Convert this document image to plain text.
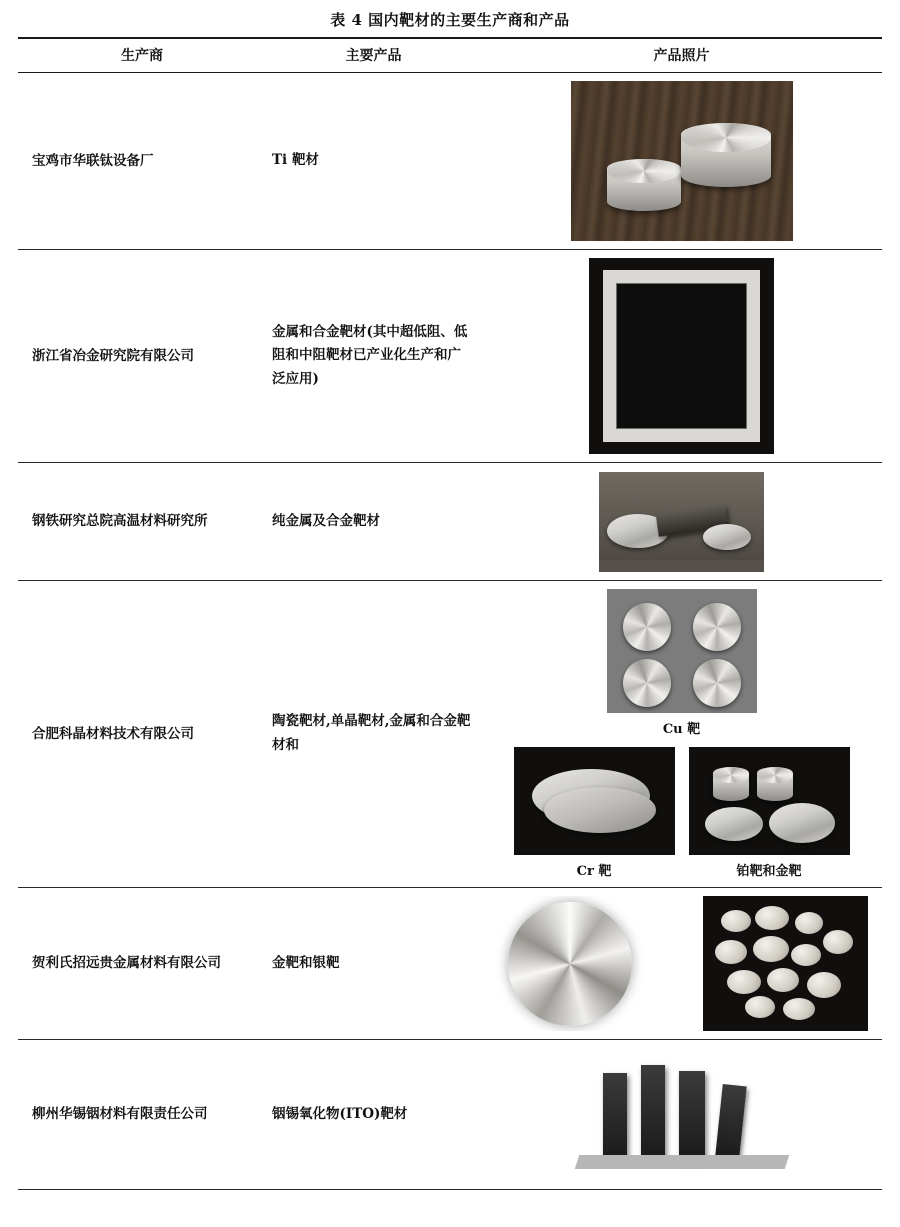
表 4 国内靶材的主要生产商和产品
生产商	主要产品	产品照片
宝鸡市华联钛设备厂	Ti 靶材	

浙江省冶金研究院有限公司	金属和合金靶材(其中超低阻、低阻和中阻靶材已产业化生产和广泛应用)	

钢铁研究总院高温材料研究所	纯金属及合金靶材	

合肥科晶材料技术有限公司	陶瓷靶材,单晶靶材,金属和合金靶材和	Cu 靶
Cr 靶 铂靶和金靶

贺利氏招远贵金属材料有限公司	金靶和银靶	

柳州华锡铟材料有限责任公司	铟锡氧化物(ITO)靶材	
